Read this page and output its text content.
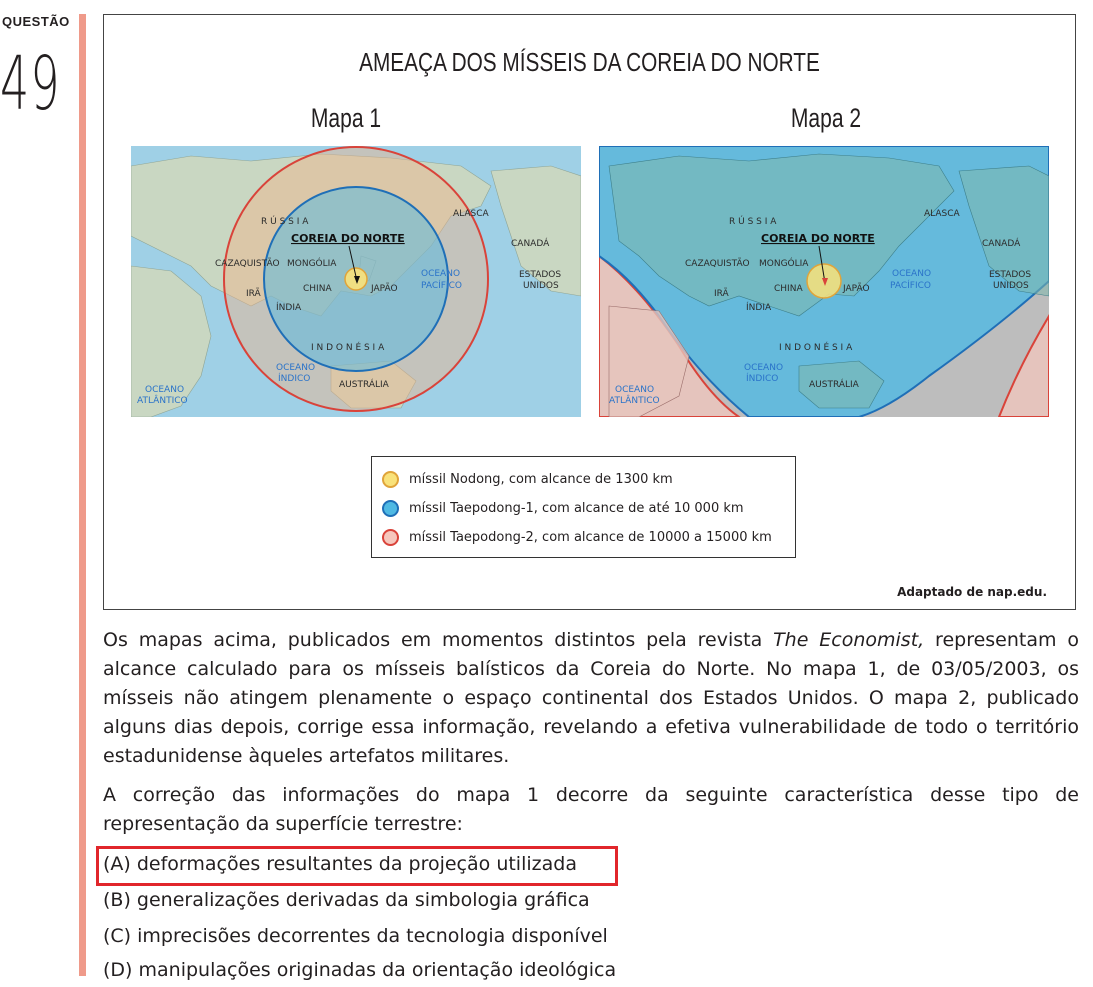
QUESTÃO
49	AMEAÇA DOS MÍSSEIS DA COREIA DO NORTE
Mapa 1	Mapa 2
R Ú S S I A
ALASCA
CANADÁ
COREIA DO NORTE
CAZAQUISTÃO MONGÓLIA
OCEANO
PACÍFICO
ESTADOS
UNIDOS
IRÃ	CHINA	JAPÃO
ÍNDIA
I N D O N É S I A
OCEANO
ÍNDICO
AUSTRÁLIA
OCEANO
ATLÂNTICO
R Ú S S I A
ALASCA
CANADÁ
COREIA DO NORTE
CAZAQUISTÃO MONGÓLIA
OCEANO
PACÍFICO
ESTADOS
UNIDOS
IRÃ	CHINA	JAPÃO
ÍNDIA
I N D O N É S I A
OCEANO
ÍNDICO
AUSTRÁLIA
OCEANO
ATLÂNTICO
míssil Nodong, com alcance de 1300 km
míssil Taepodong-1, com alcance de até 10 000 km
míssil Taepodong-2, com alcance de 10000 a 15000 km
Adaptado de nap.edu.
Os mapas acima, publicados em momentos distintos pela revista The Economist, representam o alcance calculado para os mísseis balísticos da Coreia do Norte. No mapa 1, de 03/05/2003, os mísseis não atingem plenamente o espaço continental dos Estados Unidos. O mapa 2, publicado alguns dias depois, corrige essa informação, revelando a efetiva vulnerabilidade de todo o território estadunidense àqueles artefatos militares.
A correção das informações do mapa 1 decorre da seguinte característica desse tipo de representação da superfície terrestre:
(A) deformações resultantes da projeção utilizada
(B) generalizações derivadas da simbologia gráfica
(C) imprecisões decorrentes da tecnologia disponível
(D) manipulações originadas da orientação ideológica
